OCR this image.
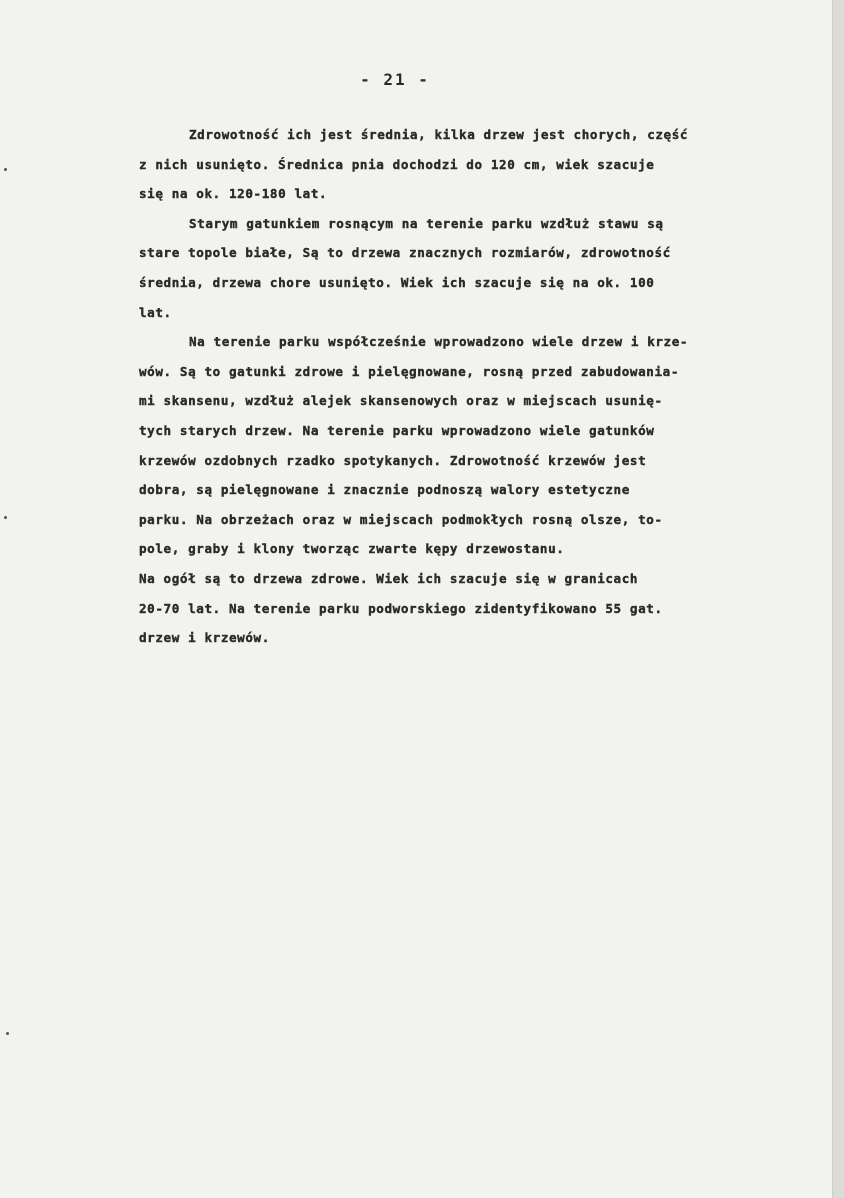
- 21 -
Zdrowotność ich jest średnia, kilka drzew jest chorych, część
z nich usunięto. Średnica pnia dochodzi do 120 cm, wiek szacuje
się na ok. 120-180 lat.
Starym gatunkiem rosnącym na terenie parku wzdłuż stawu są
stare topole białe, Są to drzewa znacznych rozmiarów, zdrowotność
średnia, drzewa chore usunięto. Wiek ich szacuje się na ok. 100
lat.
Na terenie parku współcześnie wprowadzono wiele drzew i krze-
wów. Są to gatunki zdrowe i pielęgnowane, rosną przed zabudowania-
mi skansenu, wzdłuż alejek skansenowych oraz w miejscach usunię-
tych starych drzew. Na terenie parku wprowadzono wiele gatunków
krzewów ozdobnych rzadko spotykanych. Zdrowotność krzewów jest
dobra, są pielęgnowane i znacznie podnoszą walory estetyczne
parku. Na obrzeżach oraz w miejscach podmokłych rosną olsze, to-
pole, graby i klony tworząc zwarte kępy drzewostanu.
Na ogół są to drzewa zdrowe. Wiek ich szacuje się w granicach
20-70 lat. Na terenie parku podworskiego zidentyfikowano 55 gat.
drzew i krzewów.
